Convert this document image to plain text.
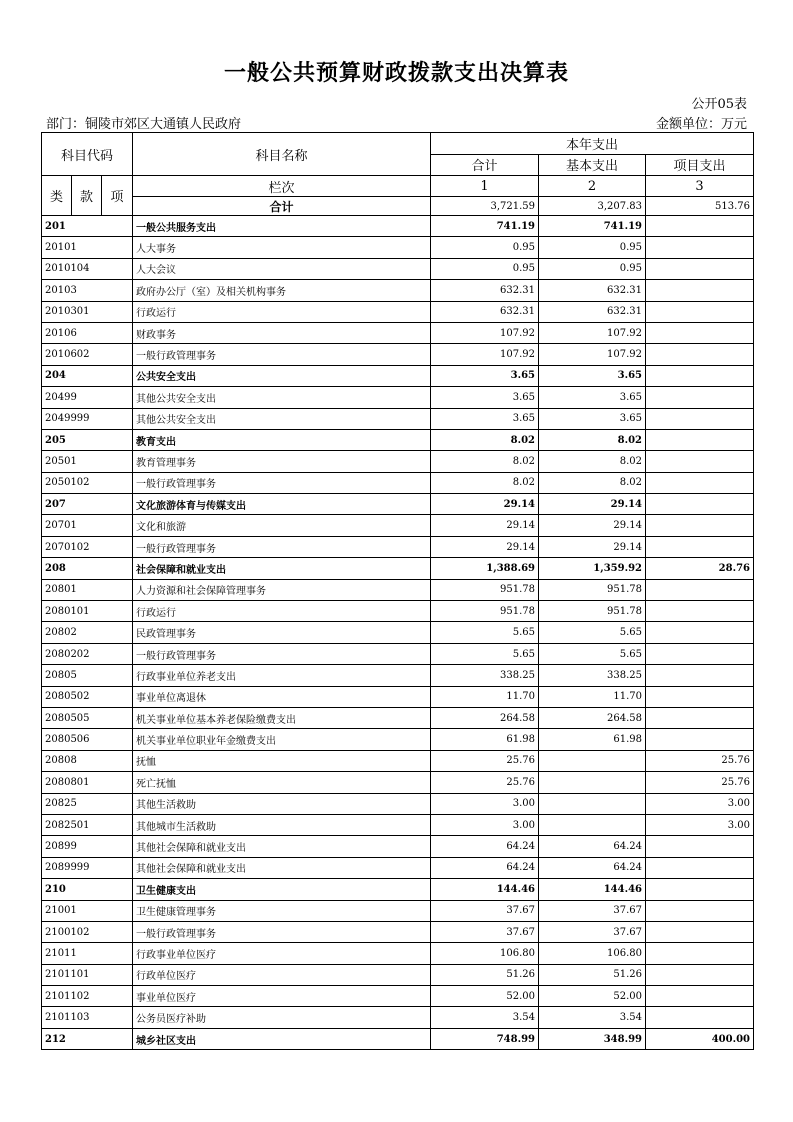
一般公共预算财政拨款支出决算表
公开05表
部门：铜陵市郊区大通镇人民政府	金额单位：万元
科目代码			科目名称	本年支出		
				合计	基本支出	项目支出
类	款	项	栏次	1	2	3
			合计	3,721.59	3,207.83	513.76
201			一般公共服务支出	741.19	741.19	
20101			人大事务	0.95	0.95	
2010104			人大会议	0.95	0.95	
20103			政府办公厅（室）及相关机构事务	632.31	632.31	
2010301			行政运行	632.31	632.31	
20106			财政事务	107.92	107.92	
2010602			一般行政管理事务	107.92	107.92	
204			公共安全支出	3.65	3.65	
20499			其他公共安全支出	3.65	3.65	
2049999			其他公共安全支出	3.65	3.65	
205			教育支出	8.02	8.02	
20501			教育管理事务	8.02	8.02	
2050102			一般行政管理事务	8.02	8.02	
207			文化旅游体育与传媒支出	29.14	29.14	
20701			文化和旅游	29.14	29.14	
2070102			一般行政管理事务	29.14	29.14	
208			社会保障和就业支出	1,388.69	1,359.92	28.76
20801			人力资源和社会保障管理事务	951.78	951.78	
2080101			行政运行	951.78	951.78	
20802			民政管理事务	5.65	5.65	
2080202			一般行政管理事务	5.65	5.65	
20805			行政事业单位养老支出	338.25	338.25	
2080502			事业单位离退休	11.70	11.70	
2080505			机关事业单位基本养老保险缴费支出	264.58	264.58	
2080506			机关事业单位职业年金缴费支出	61.98	61.98	
20808			抚恤	25.76		25.76
2080801			死亡抚恤	25.76		25.76
20825			其他生活救助	3.00		3.00
2082501			其他城市生活救助	3.00		3.00
20899			其他社会保障和就业支出	64.24	64.24	
2089999			其他社会保障和就业支出	64.24	64.24	
210			卫生健康支出	144.46	144.46	
21001			卫生健康管理事务	37.67	37.67	
2100102			一般行政管理事务	37.67	37.67	
21011			行政事业单位医疗	106.80	106.80	
2101101			行政单位医疗	51.26	51.26	
2101102			事业单位医疗	52.00	52.00	
2101103			公务员医疗补助	3.54	3.54	
212			城乡社区支出	748.99	348.99	400.00
